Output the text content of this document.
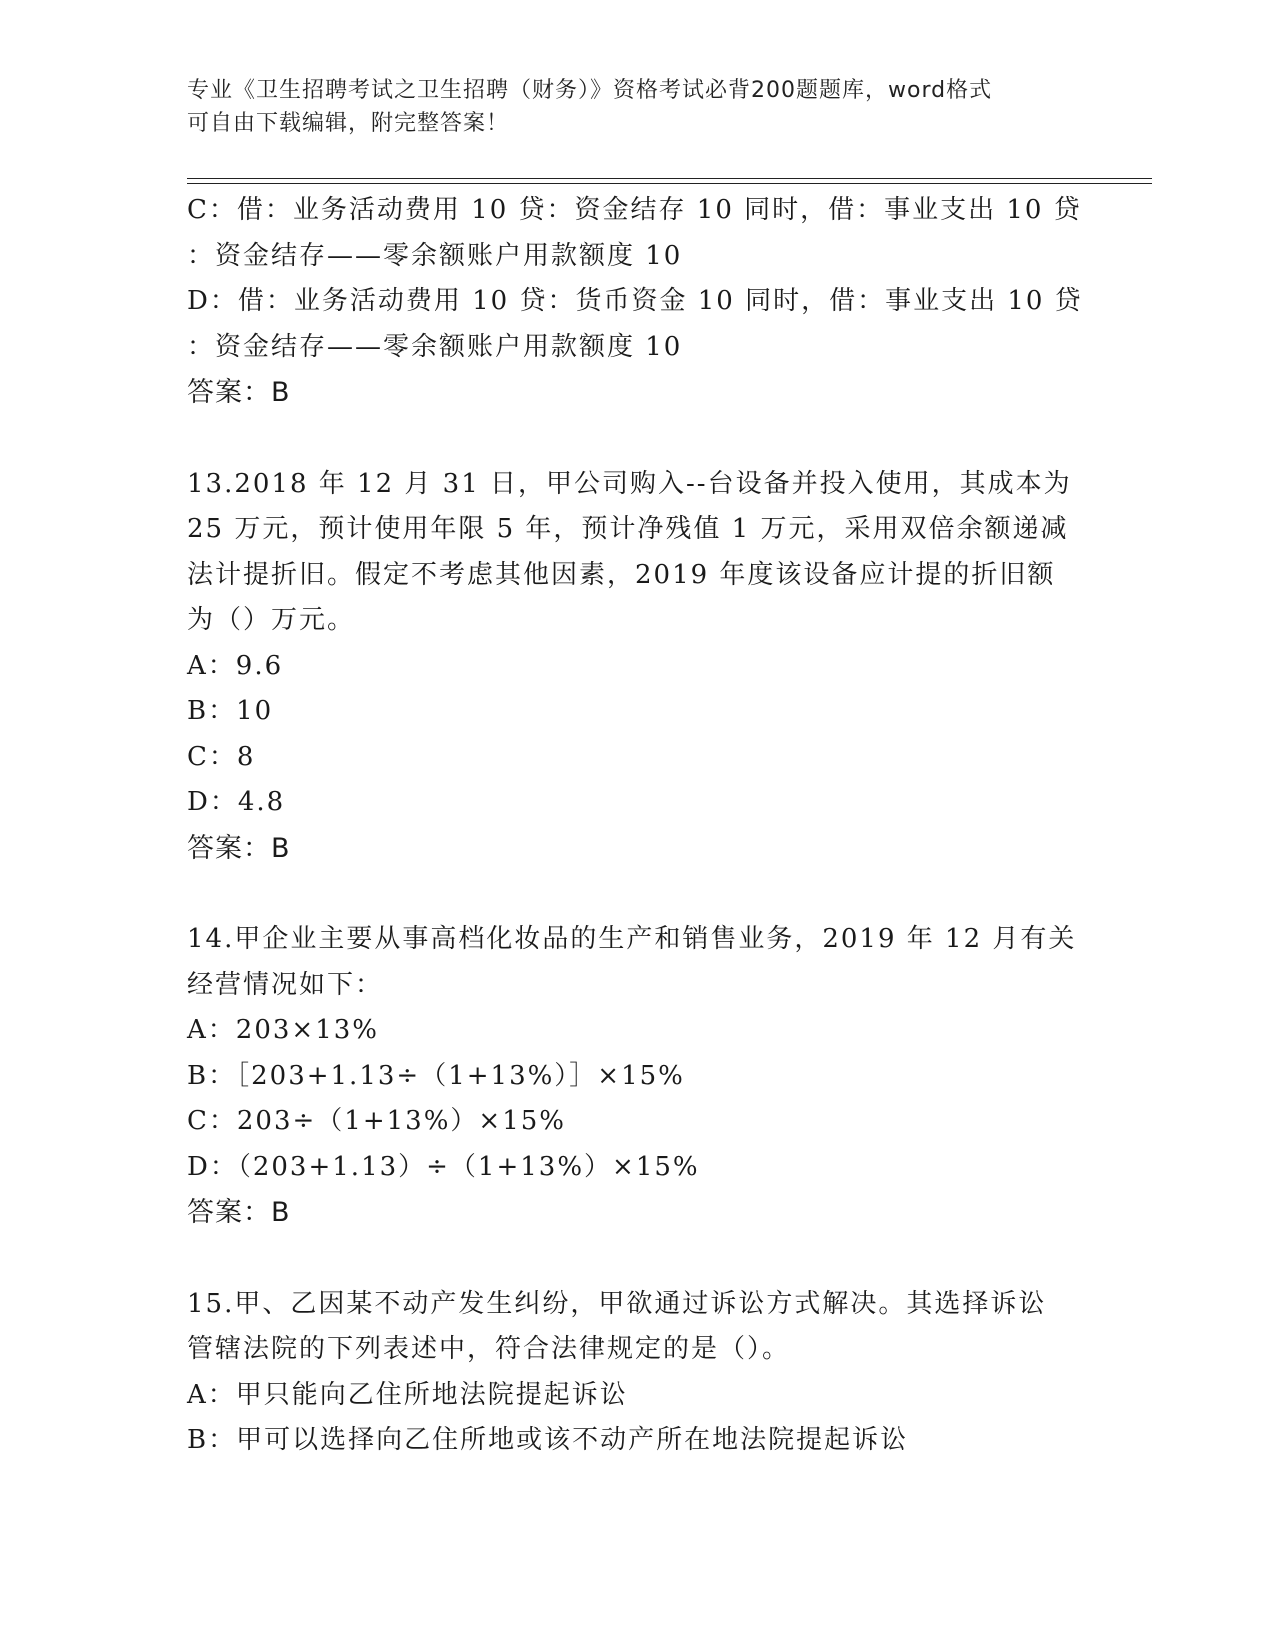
专业《卫生招聘考试之卫生招聘（财务）》资格考试必背200题题库，word格式
可自由下载编辑，附完整答案！
C：借：业务活动费用 10 贷：资金结存 10 同时，借：事业支出 10 贷
：资金结存——零余额账户用款额度 10
D：借：业务活动费用 10 贷：货币资金 10 同时，借：事业支出 10 贷
：资金结存——零余额账户用款额度 10
答案：B
13.2018 年 12 月 31 日，甲公司购入--台设备并投入使用，其成本为
25 万元，预计使用年限 5 年，预计净残值 1 万元，采用双倍余额递减
法计提折旧。假定不考虑其他因素，2019 年度该设备应计提的折旧额
为（）万元。
A：9.6
B：10
C：8
D：4.8
答案：B
14.甲企业主要从事高档化妆品的生产和销售业务，2019 年 12 月有关
经营情况如下：
A：203×13%
B：［203+1.13÷（1+13%）］×15%
C：203÷（1+13%）×15%
D：（203+1.13）÷（1+13%）×15%
答案：B
15.甲、乙因某不动产发生纠纷，甲欲通过诉讼方式解决。其选择诉讼
管辖法院的下列表述中，符合法律规定的是（）。
A：甲只能向乙住所地法院提起诉讼
B：甲可以选择向乙住所地或该不动产所在地法院提起诉讼
